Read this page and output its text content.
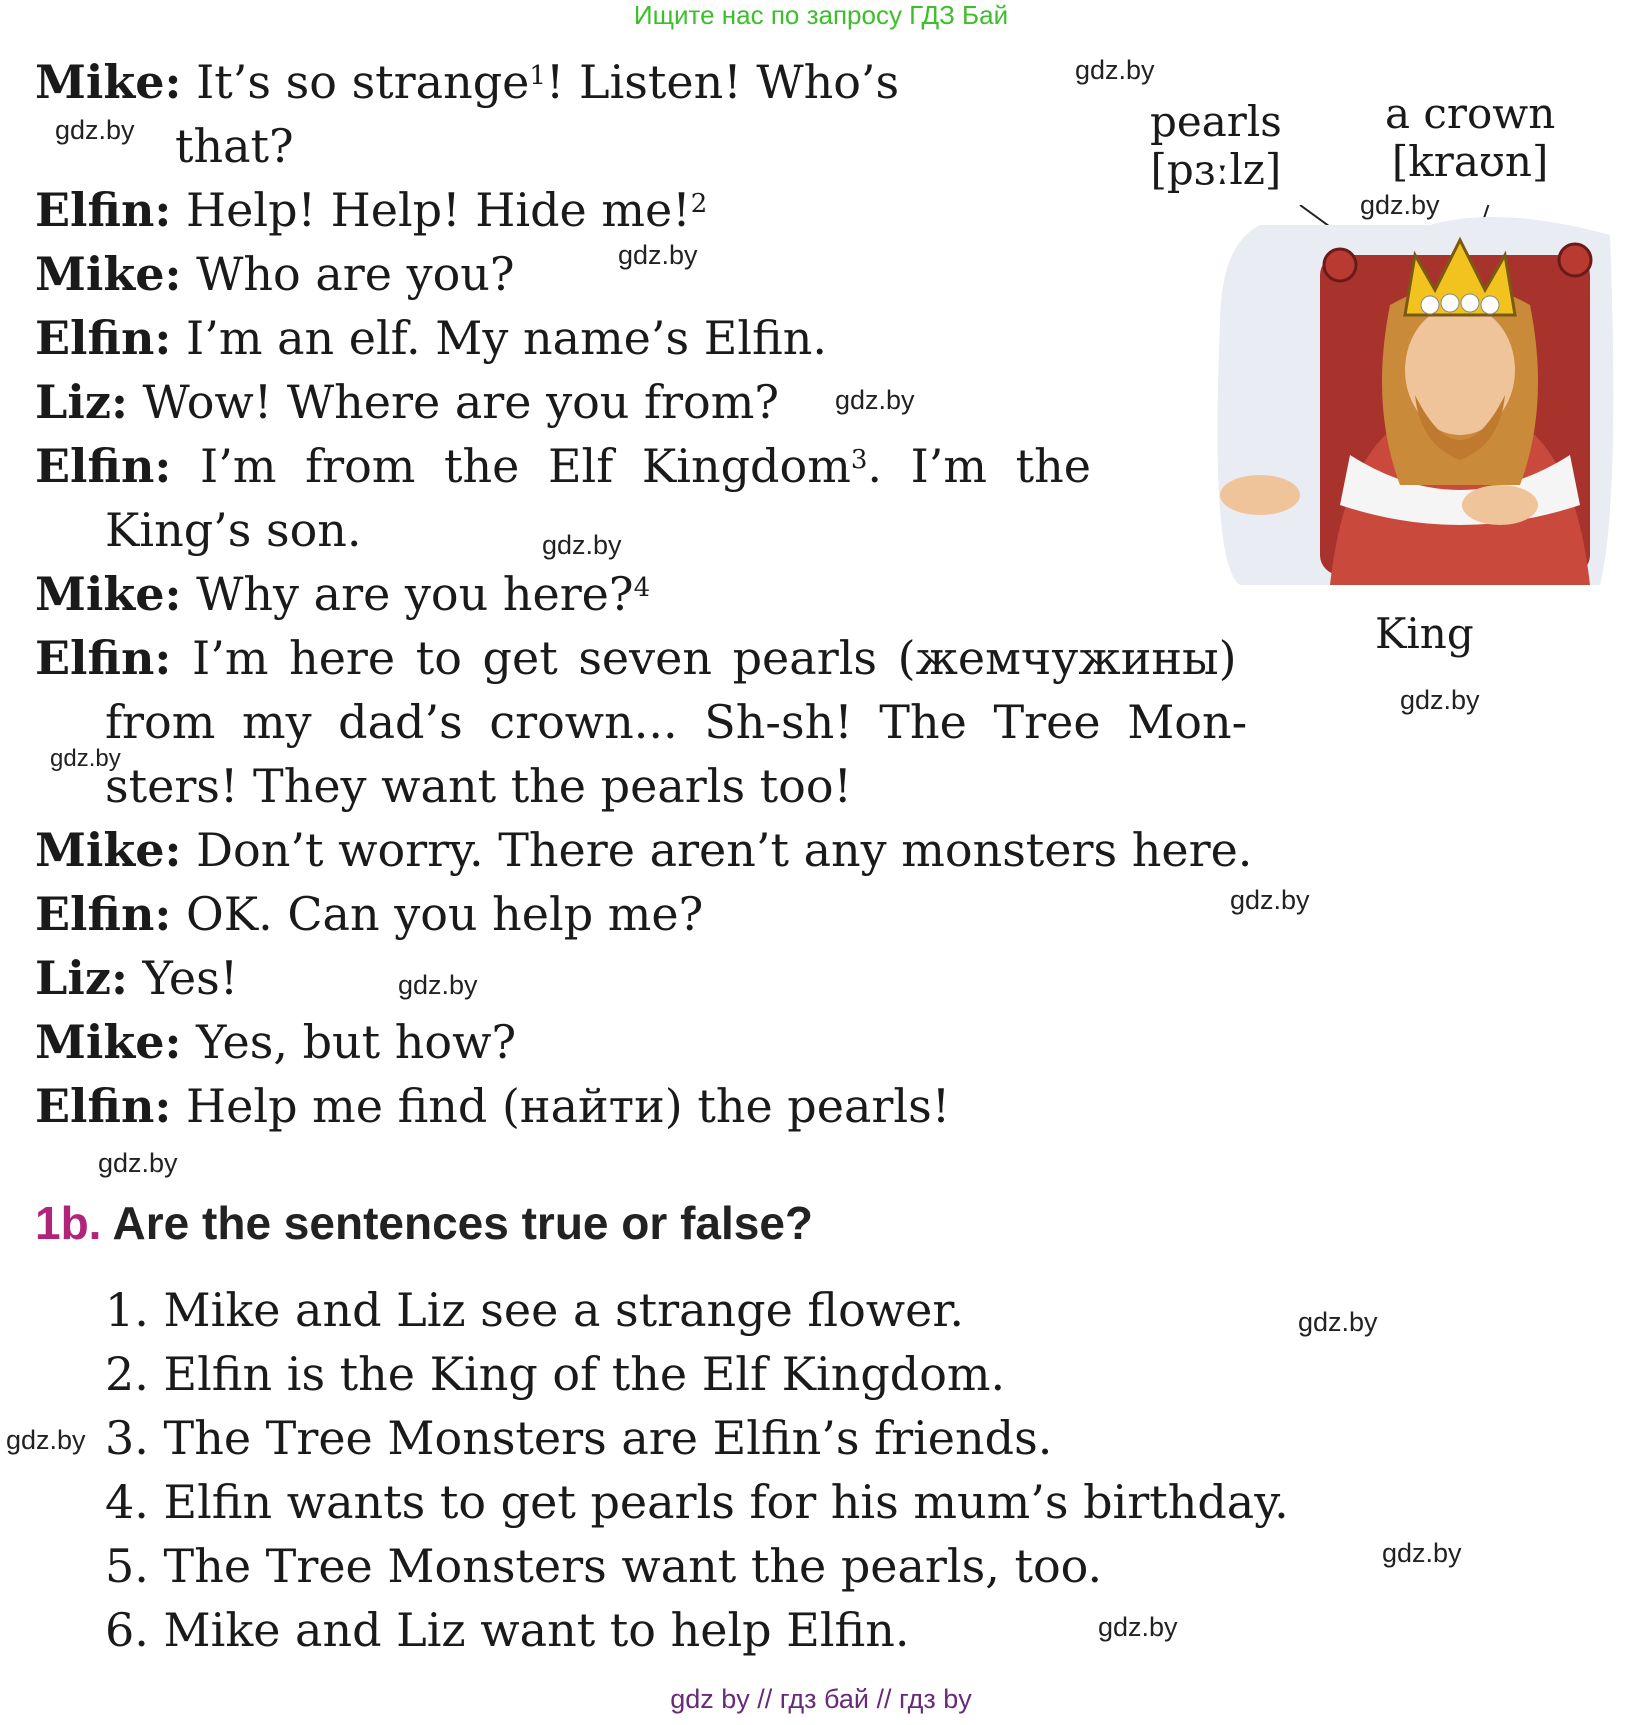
Ищите нас по запросу ГДЗ Бай
Mike: It’s so strange$^1$! Listen! Who’s
that?
Elfin: Help! Help! Hide me!$^2$
Mike: Who are you?
Elfin: I’m an elf. My name’s Elfin.
Liz: Wow! Where are you from?
Elfin: I’m from the Elf Kingdom$^3$. I’m the
King’s son.
Mike: Why are you here?$^4$
Elfin: I’m here to get seven pearls (жемчужины)
from my dad’s crown... Sh-sh! The Tree Mon-
sters! They want the pearls too!
Mike: Don’t worry. There aren’t any monsters here.
Elfin: OK. Can you help me?
Liz: Yes!
Mike: Yes, but how?
Elfin: Help me find (найти) the pearls!
pearls
[pɜːlz]
a crown
[kraʊn]
King
gdz.by
gdz.by
gdz.by
gdz.by
gdz.by
gdz.by
gdz.by
gdz.by
gdz.by
gdz.by
gdz.by
gdz.by
gdz.by
gdz.by
gdz.by
1b. Are the sentences true or false?
1. Mike and Liz see a strange flower.
2. Elfin is the King of the Elf Kingdom.
3. The Tree Monsters are Elfin’s friends.
4. Elfin wants to get pearls for his mum’s birthday.
5. The Tree Monsters want the pearls, too.
6. Mike and Liz want to help Elfin.
gdz by // гдз бай // гдз by
